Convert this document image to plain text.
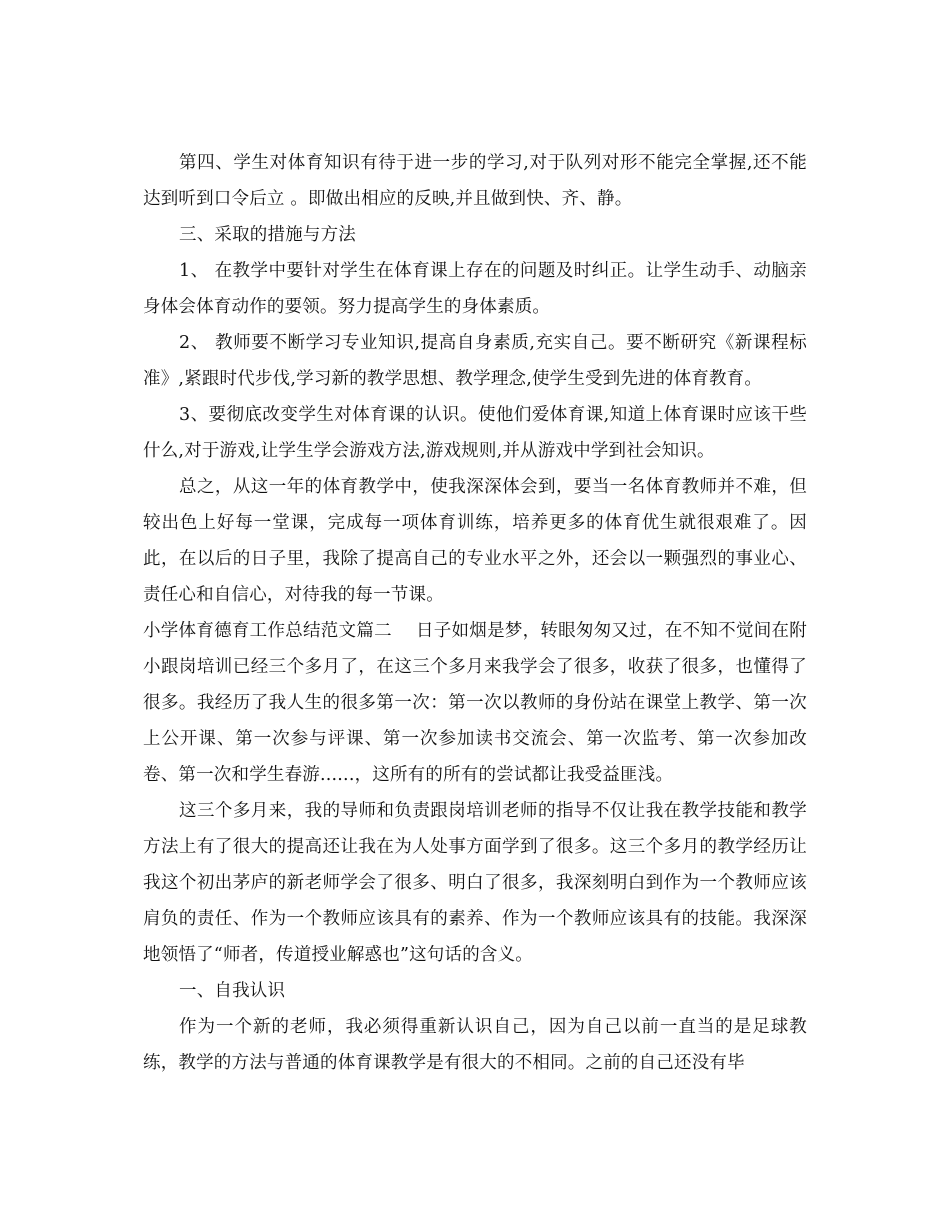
第四、学生对体育知识有待于进一步的学习,对于队列对形不能完全掌握,还不能达到听到口令后立 。即做出相应的反映,并且做到快、齐、静。

三、采取的措施与方法

1、 在教学中要针对学生在体育课上存在的问题及时纠正。让学生动手、动脑亲身体会体育动作的要领。努力提高学生的身体素质。

2、 教师要不断学习专业知识,提高自身素质,充实自己。要不断研究《新课程标准》,紧跟时代步伐,学习新的教学思想、教学理念,使学生受到先进的体育教育。

3、要彻底改变学生对体育课的认识。使他们爱体育课,知道上体育课时应该干些什么,对于游戏,让学生学会游戏方法,游戏规则,并从游戏中学到社会知识。

总之，从这一年的体育教学中，使我深深体会到，要当一名体育教师并不难，但较出色上好每一堂课，完成每一项体育训练，培养更多的体育优生就很艰难了。因此，在以后的日子里，我除了提高自己的专业水平之外，还会以一颗强烈的事业心、责任心和自信心，对待我的每一节课。

小学体育德育工作总结范文篇二 日子如烟是梦，转眼匆匆又过，在不知不觉间在附小跟岗培训已经三个多月了，在这三个多月来我学会了很多，收获了很多，也懂得了很多。我经历了我人生的很多第一次：第一次以教师的身份站在课堂上教学、第一次上公开课、第一次参与评课、第一次参加读书交流会、第一次监考、第一次参加改卷、第一次和学生春游......，这所有的所有的尝试都让我受益匪浅。

这三个多月来，我的导师和负责跟岗培训老师的指导不仅让我在教学技能和教学方法上有了很大的提高还让我在为人处事方面学到了很多。这三个多月的教学经历让我这个初出茅庐的新老师学会了很多、明白了很多，我深刻明白到作为一个教师应该肩负的责任、作为一个教师应该具有的素养、作为一个教师应该具有的技能。我深深地领悟了“师者，传道授业解惑也”这句话的含义。

一、自我认识

作为一个新的老师，我必须得重新认识自己，因为自己以前一直当的是足球教练，教学的方法与普通的体育课教学是有很大的不相同。之前的自己还没有毕
